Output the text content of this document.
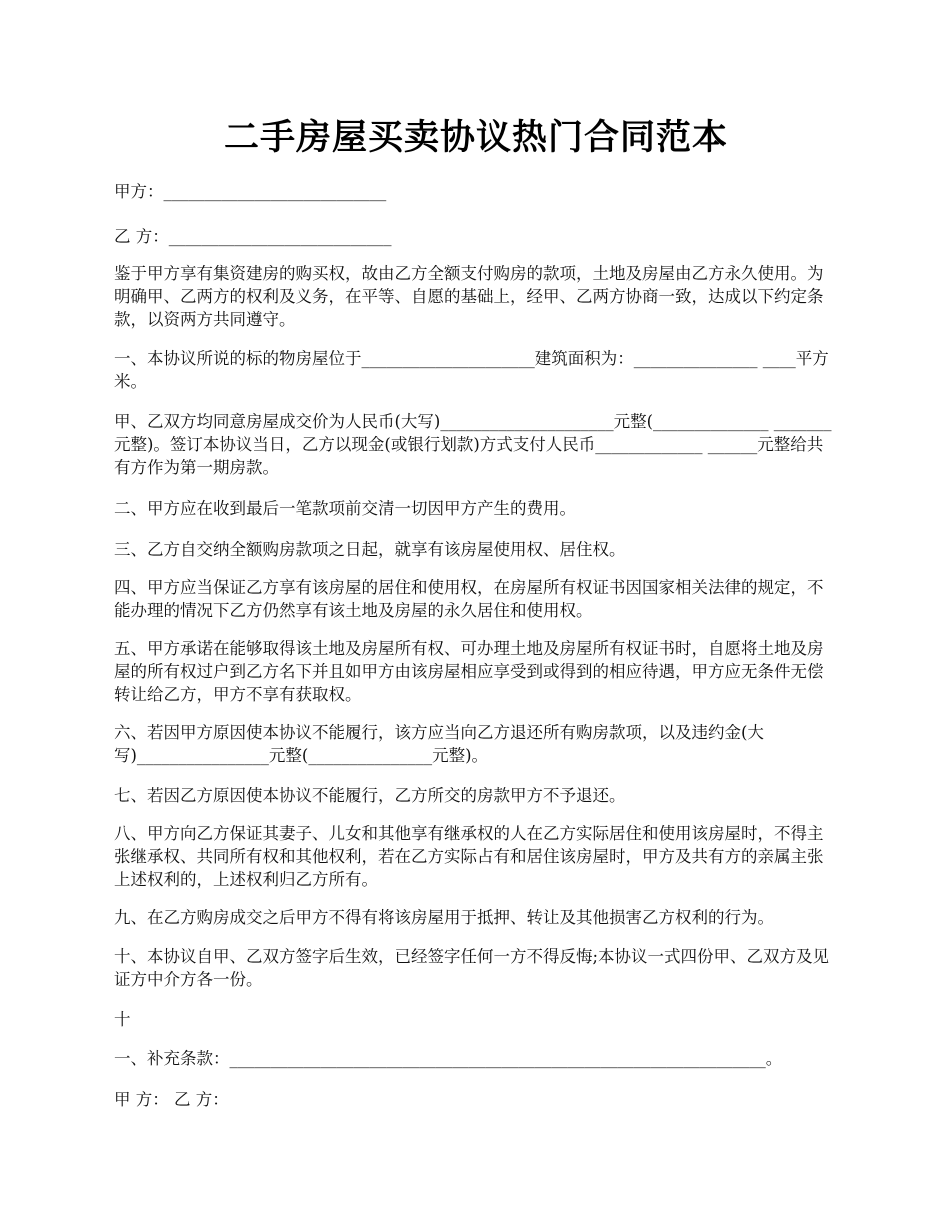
二手房屋买卖协议热门合同范本

甲方：___________________________

乙 方：___________________________

鉴于甲方享有集资建房的购买权，故由乙方全额支付购房的款项，土地及房屋由乙方永久使用。为明确甲、乙两方的权利及义务，在平等、自愿的基础上，经甲、乙两方协商一致，达成以下约定条款，以资两方共同遵守。

一、本协议所说的标的物房屋位于_____________________建筑面积为：_______________ ____平方米。

甲、乙双方均同意房屋成交价为人民币(大写)_____________________元整(______________ _______元整)。签订本协议当日，乙方以现金(或银行划款)方式支付人民币_____________ ______元整给共有方作为第一期房款。

二、甲方应在收到最后一笔款项前交清一切因甲方产生的费用。

三、乙方自交纳全额购房款项之日起，就享有该房屋使用权、居住权。

四、甲方应当保证乙方享有该房屋的居住和使用权，在房屋所有权证书因国家相关法律的规定，不能办理的情况下乙方仍然享有该土地及房屋的永久居住和使用权。

五、甲方承诺在能够取得该土地及房屋所有权、可办理土地及房屋所有权证书时，自愿将土地及房屋的所有权过户到乙方名下并且如甲方由该房屋相应享受到或得到的相应待遇，甲方应无条件无偿转让给乙方，甲方不享有获取权。

六、若因甲方原因使本协议不能履行，该方应当向乙方退还所有购房款项，以及违约金(大写)________________元整(_______________元整)。

七、若因乙方原因使本协议不能履行，乙方所交的房款甲方不予退还。

八、甲方向乙方保证其妻子、儿女和其他享有继承权的人在乙方实际居住和使用该房屋时，不得主张继承权、共同所有权和其他权利，若在乙方实际占有和居住该房屋时，甲方及共有方的亲属主张上述权利的，上述权利归乙方所有。

九、在乙方购房成交之后甲方不得有将该房屋用于抵押、转让及其他损害乙方权利的行为。

十、本协议自甲、乙双方签字后生效，已经签字任何一方不得反悔;本协议一式四份甲、乙双方及见证方中介方各一份。

十

一、补充条款：_________________________________________________________________。

甲 方： 乙 方：
